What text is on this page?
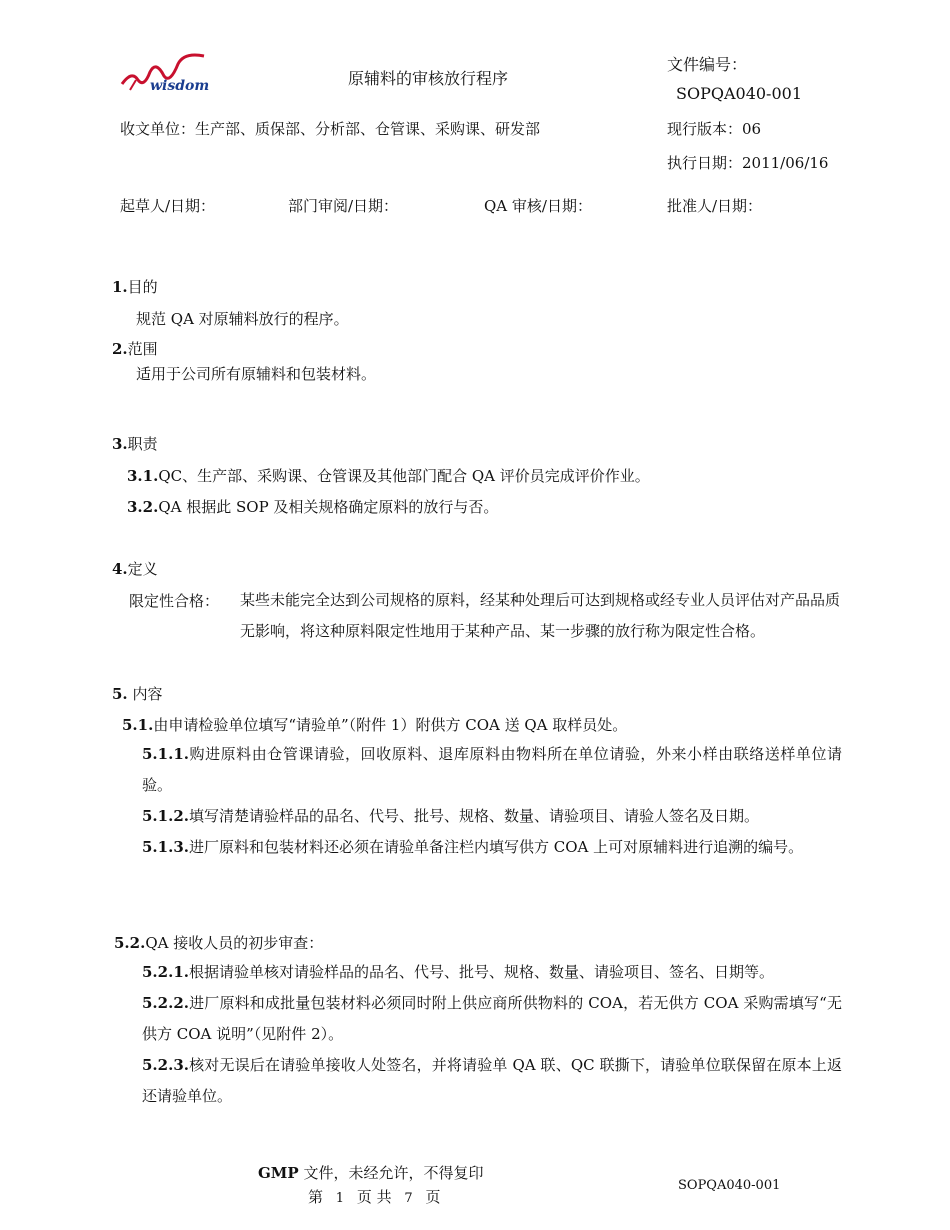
wisdom	原辅料的审核放行程序
文件编号：
SOPQA040-001
收文单位：生产部、质保部、分析部、仓管课、采购课、研发部	现行版本：06
执行日期：2011/06/16
起草人/日期：	部门审阅/日期：	QA 审核/日期：	批准人/日期：
1.目的
规范 QA 对原辅料放行的程序。
2.范围
适用于公司所有原辅料和包装材料。
3.职责
3.1.QC、生产部、采购课、仓管课及其他部门配合 QA 评价员完成评价作业。
3.2.QA 根据此 SOP 及相关规格确定原料的放行与否。
4.定义
限定性合格： 某些未能完全达到公司规格的原料，经某种处理后可达到规格或经专业人员评估对产品品质无影响，将这种原料限定性地用于某种产品、某一步骤的放行称为限定性合格。
5. 内容
5.1.由申请检验单位填写“请验单”（附件 1）附供方 COA 送 QA 取样员处。
5.1.1.购进原料由仓管课请验，回收原料、退库原料由物料所在单位请验，外来小样由联络送样单位请验。
5.1.2.填写清楚请验样品的品名、代号、批号、规格、数量、请验项目、请验人签名及日期。
5.1.3.进厂原料和包装材料还必须在请验单备注栏内填写供方 COA 上可对原辅料进行追溯的编号。
5.2.QA 接收人员的初步审查：
5.2.1.根据请验单核对请验样品的品名、代号、批号、规格、数量、请验项目、签名、日期等。
5.2.2.进厂原料和成批量包装材料必须同时附上供应商所供物料的 COA，若无供方 COA 采购需填写“无供方 COA 说明”（见附件 2）。
5.2.3.核对无误后在请验单接收人处签名，并将请验单 QA 联、QC 联撕下，请验单位联保留在原本上返还请验单位。
GMP 文件，未经允许，不得复印
第 1 页 共 7 页
SOPQA040-001
